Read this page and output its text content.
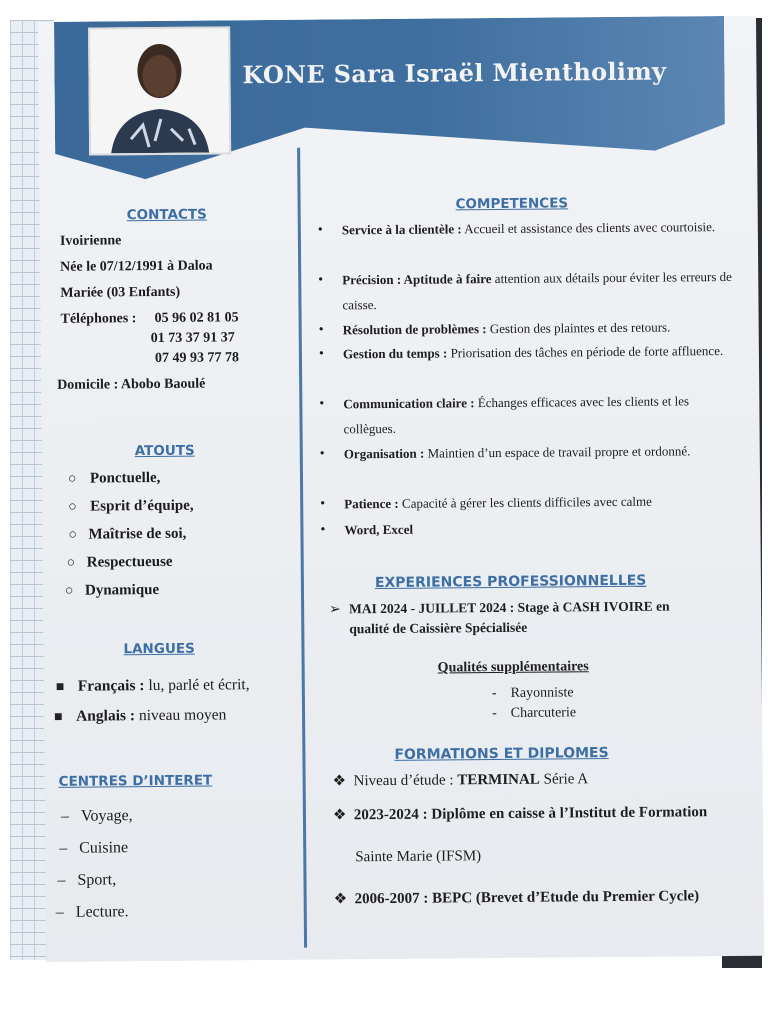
KONE Sara Israël Mientholimy
CONTACTS
Ivoirienne
Née le 07/12/1991 à Daloa
Mariée (03 Enfants)
Téléphones : 05 96 02 81 05
01 73 37 91 37
07 49 93 77 78
Domicile : Abobo Baoulé
ATOUTS
○ Ponctuelle,
○ Esprit d’équipe,
○ Maîtrise de soi,
○ Respectueuse
○ Dynamique
LANGUES
■ Français : lu, parlé et écrit,
■ Anglais : niveau moyen
CENTRES D’INTERET
–   Voyage,
–   Cuisine
–   Sport,
–   Lecture.
COMPETENCES
• Service à la clientèle : Accueil et assistance des clients avec courtoisie.
• Précision : Aptitude à faire attention aux détails pour éviter les erreurs de caisse.
• Résolution de problèmes : Gestion des plaintes et des retours.
• Gestion du temps : Priorisation des tâches en période de forte affluence.
• Communication claire : Échanges efficaces avec les clients et les collègues.
• Organisation : Maintien d’un espace de travail propre et ordonné.
• Patience : Capacité à gérer les clients difficiles avec calme
• Word, Excel
EXPERIENCES PROFESSIONNELLES
➢ MAI 2024 - JUILLET 2024 : Stage à CASH IVOIRE en
qualité de Caissière Spécialisée
Qualités supplémentaires
-    Rayonniste
-    Charcuterie
FORMATIONS ET DIPLOMES
❖  Niveau d’étude : TERMINAL Série A
❖  2023-2024 : Diplôme en caisse à l’Institut de Formation
Sainte Marie (IFSM)
❖  2006-2007 : BEPC (Brevet d’Etude du Premier Cycle)
